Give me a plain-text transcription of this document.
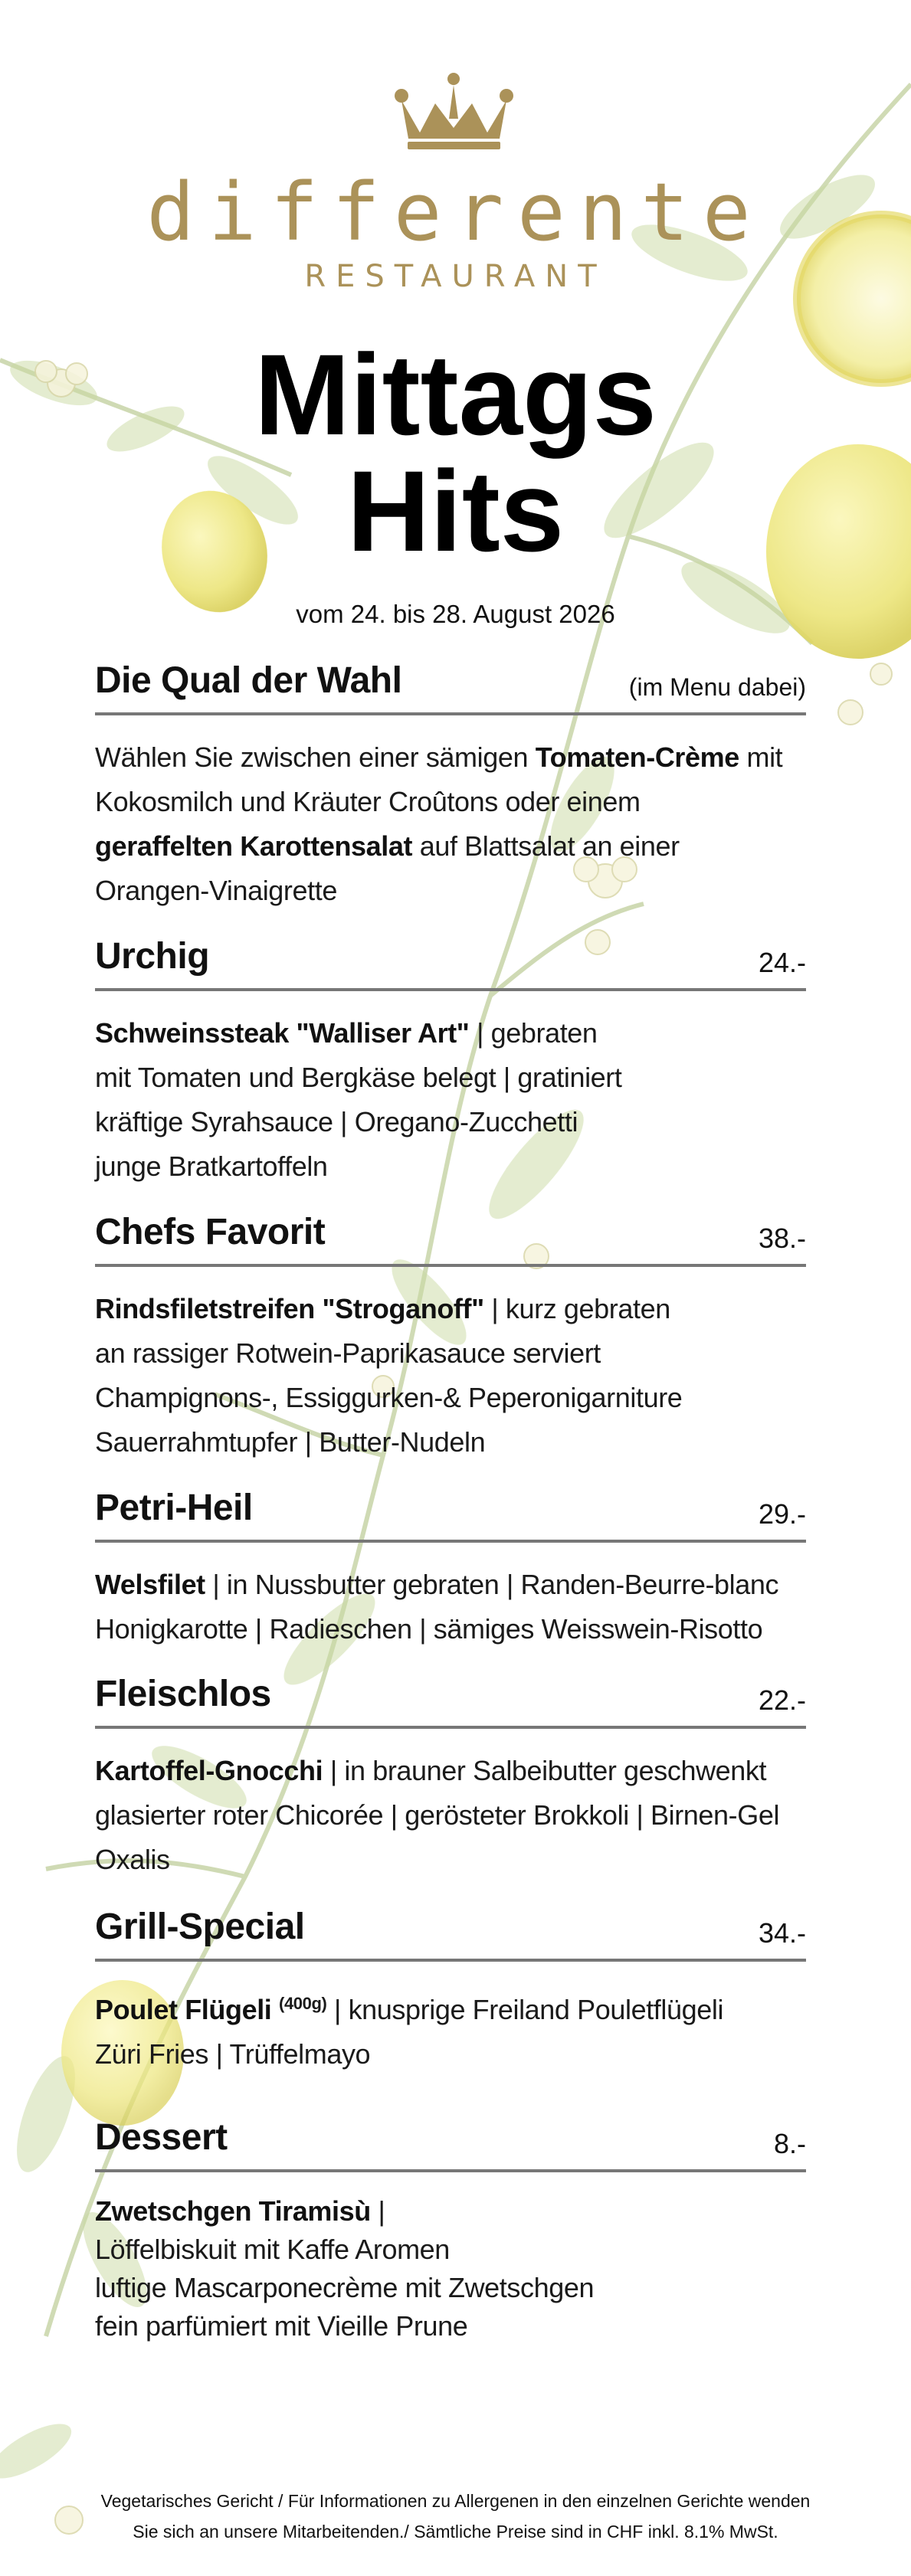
differente
RESTAURANT
Mittags
Hits
vom 24. bis 28. August 2026
Die Qual der Wahl	(im Menu dabei)
Wählen Sie zwischen einer sämigen Tomaten-Crème mit
Kokosmilch und Kräuter Croûtons oder einem
geraffelten Karottensalat auf Blattsalat an einer
Orangen-Vinaigrette
Urchig	24.-
Schweinssteak "Walliser Art" | gebraten
mit Tomaten und Bergkäse belegt | gratiniert
kräftige Syrahsauce | Oregano-Zucchetti
junge Bratkartoffeln
Chefs Favorit	38.-
Rindsfiletstreifen "Stroganoff" | kurz gebraten
an rassiger Rotwein-Paprikasauce serviert
Champignons-, Essiggurken-& Peperonigarniture
Sauerrahmtupfer | Butter-Nudeln
Petri-Heil	29.-
Welsfilet | in Nussbutter gebraten | Randen-Beurre-blanc
Honigkarotte | Radieschen | sämiges Weisswein-Risotto
Fleischlos	22.-
Kartoffel-Gnocchi | in brauner Salbeibutter geschwenkt
glasierter roter Chicorée | gerösteter Brokkoli | Birnen-Gel
Oxalis
Grill-Special	34.-
Poulet Flügeli $^{(400g)}$ | knusprige Freiland Pouletflügeli
Züri Fries | Trüffelmayo
Dessert	8.-
Zwetschgen Tiramisù |
Löffelbiskuit mit Kaffe Aromen
luftige Mascarponecrème mit Zwetschgen
fein parfümiert mit Vieille Prune
Vegetarisches Gericht / Für Informationen zu Allergenen in den einzelnen Gerichte wenden
Sie sich an unsere Mitarbeitenden./ Sämtliche Preise sind in CHF inkl. 8.1% MwSt.
